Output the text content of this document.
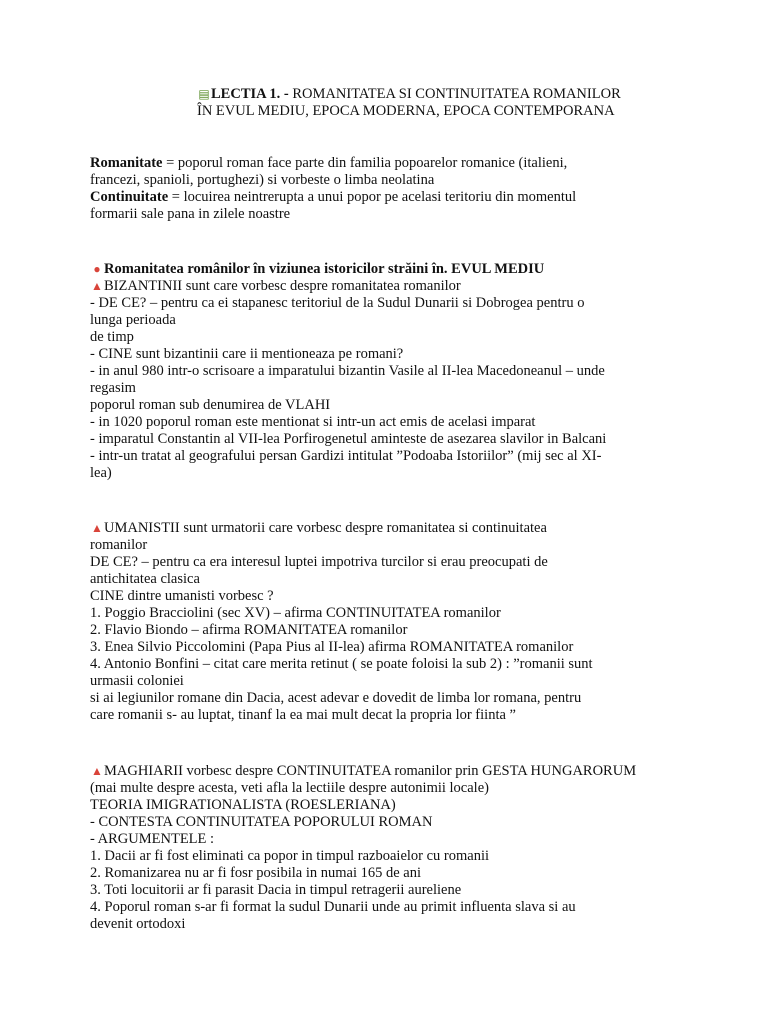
▤LECTIA 1. - ROMANITATEA SI CONTINUITATEA ROMANILOR
ÎN EVUL MEDIU, EPOCA MODERNA, EPOCA CONTEMPORANA

Romanitate = poporul roman face parte din familia popoarelor romanice (italieni,

francezi, spanioli, portughezi) si vorbeste o limba neolatina

Continuitate = locuirea neintrerupta a unui popor pe acelasi teritoriu din momentul

formarii sale pana in zilele noastre

● Romanitatea românilor în viziunea istoricilor străini în. EVUL MEDIU

▲BIZANTINII sunt care vorbesc despre romanitatea romanilor

- DE CE? – pentru ca ei stapanesc teritoriul de la Sudul Dunarii si Dobrogea pentru o

lunga perioada

de timp

- CINE sunt bizantinii care ii mentioneaza pe romani?

- in anul 980 intr-o scrisoare a imparatului bizantin Vasile al II-lea Macedoneanul – unde

regasim

poporul roman sub denumirea de VLAHI

- in 1020 poporul roman este mentionat si intr-un act emis de acelasi imparat

- imparatul Constantin al VII-lea Porfirogenetul aminteste de asezarea slavilor in Balcani

- intr-un tratat al geografului persan Gardizi intitulat ”Podoaba Istoriilor” (mij sec al XI-

lea)

▲UMANISTII sunt urmatorii care vorbesc despre romanitatea si continuitatea

romanilor

DE CE? – pentru ca era interesul luptei impotriva turcilor si erau preocupati de

antichitatea clasica

CINE dintre umanisti vorbesc ?

1. Poggio Bracciolini (sec XV) – afirma CONTINUITATEA romanilor

2. Flavio Biondo – afirma ROMANITATEA romanilor

3. Enea Silvio Piccolomini (Papa Pius al II-lea) afirma ROMANITATEA romanilor

4. Antonio Bonfini – citat care merita retinut ( se poate foloisi la sub 2) : ”romanii sunt

urmasii coloniei

si ai legiunilor romane din Dacia, acest adevar e dovedit de limba lor romana, pentru

care romanii s- au luptat, tinanf la ea mai mult decat la propria lor fiinta ”

▲MAGHIARII vorbesc despre CONTINUITATEA romanilor prin GESTA HUNGARORUM

(mai multe despre acesta, veti afla la lectiile despre autonimii locale)

TEORIA IMIGRATIONALISTA (ROESLERIANA)

- CONTESTA CONTINUITATEA POPORULUI ROMAN

- ARGUMENTELE :

1. Dacii ar fi fost eliminati ca popor in timpul razboaielor cu romanii

2. Romanizarea nu ar fi fosr posibila in numai 165 de ani

3. Toti locuitorii ar fi parasit Dacia in timpul retragerii aureliene

4. Poporul roman s-ar fi format la sudul Dunarii unde au primit influenta slava si au

devenit ortodoxi
